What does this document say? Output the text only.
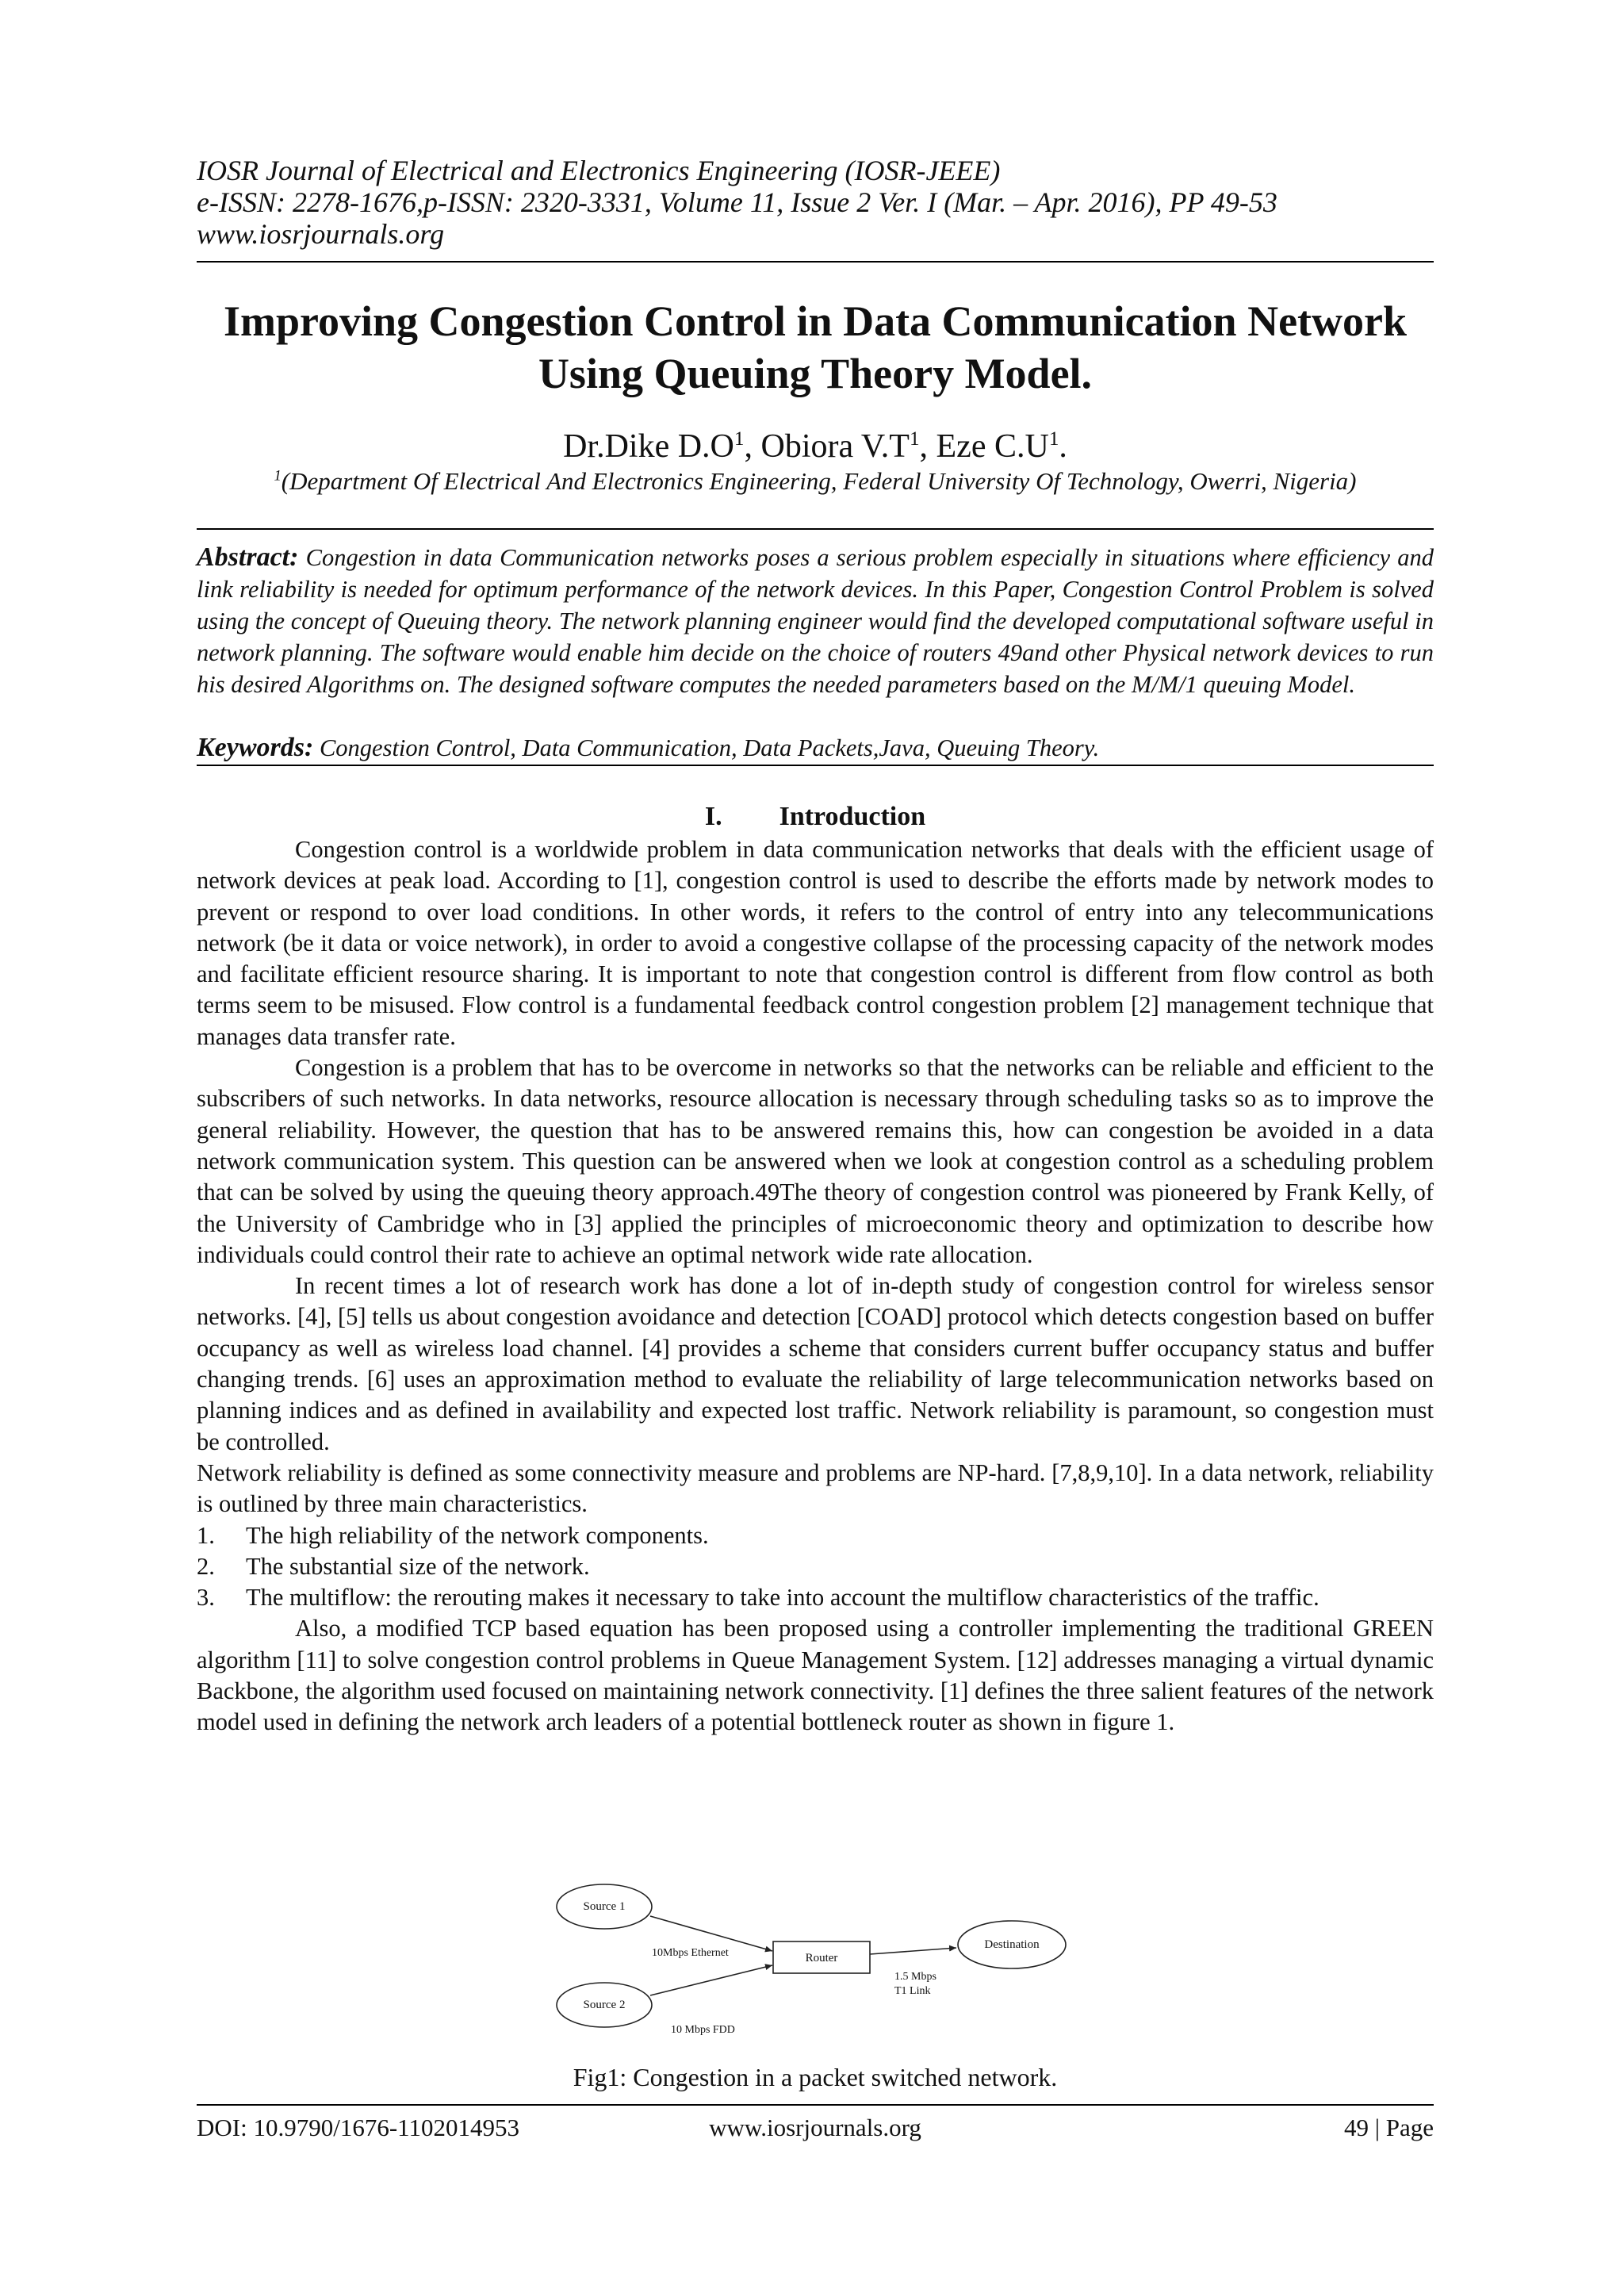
IOSR Journal of Electrical and Electronics Engineering (IOSR-JEEE)
e-ISSN: 2278-1676,p-ISSN: 2320-3331, Volume 11, Issue 2 Ver. I (Mar. – Apr. 2016), PP 49-53
www.iosrjournals.org
Improving Congestion Control in Data Communication Network
Using Queuing Theory Model.
Dr.Dike $D.O^1$, Obiora $V.T^1$, Eze $C.U^1$.
$^1$(Department Of Electrical And Electronics Engineering, Federal University Of Technology, Owerri, Nigeria)
Abstract: Congestion in data Communication networks poses a serious problem especially in situations where efficiency and link reliability is needed for optimum performance of the network devices. In this Paper, Congestion Control Problem is solved using the concept of Queuing theory. The network planning engineer would find the developed computational software useful in network planning. The software would enable him decide on the choice of routers 49and other Physical network devices to run his desired Algorithms on. The designed software computes the needed parameters based on the M/M/1 queuing Model.
Keywords: Congestion Control, Data Communication, Data Packets,Java, Queuing Theory.
I. Introduction

Congestion control is a worldwide problem in data communication networks that deals with the efficient usage of network devices at peak load. According to [1], congestion control is used to describe the efforts made by network modes to prevent or respond to over load conditions. In other words, it refers to the control of entry into any telecommunications network (be it data or voice network), in order to avoid a congestive collapse of the processing capacity of the network modes and facilitate efficient resource sharing. It is important to note that congestion control is different from flow control as both terms seem to be misused. Flow control is a fundamental feedback control congestion problem [2] management technique that manages data transfer rate.

Congestion is a problem that has to be overcome in networks so that the networks can be reliable and efficient to the subscribers of such networks. In data networks, resource allocation is necessary through scheduling tasks so as to improve the general reliability. However, the question that has to be answered remains this, how can congestion be avoided in a data network communication system. This question can be answered when we look at congestion control as a scheduling problem that can be solved by using the queuing theory approach.49The theory of congestion control was pioneered by Frank Kelly, of the University of Cambridge who in [3] applied the principles of microeconomic theory and optimization to describe how individuals could control their rate to achieve an optimal network wide rate allocation.

In recent times a lot of research work has done a lot of in-depth study of congestion control for wireless sensor networks. [4], [5] tells us about congestion avoidance and detection [COAD] protocol which detects congestion based on buffer occupancy as well as wireless load channel. [4] provides a scheme that considers current buffer occupancy status and buffer changing trends. [6] uses an approximation method to evaluate the reliability of large telecommunication networks based on planning indices and as defined in availability and expected lost traffic. Network reliability is paramount, so congestion must be controlled.

Network reliability is defined as some connectivity measure and problems are NP-hard. [7,8,9,10]. In a data network, reliability is outlined by three main characteristics.

1. The high reliability of the network components.
2. The substantial size of the network.
3. The multiflow: the rerouting makes it necessary to take into account the multiflow characteristics of the traffic.

Also, a modified TCP based equation has been proposed using a controller implementing the traditional GREEN algorithm [11] to solve congestion control problems in Queue Management System. [12] addresses managing a virtual dynamic Backbone, the algorithm used focused on maintaining network connectivity. [1] defines the three salient features of the network model used in defining the network arch leaders of a potential bottleneck router as shown in figure 1.

Source 1
Source 2
Router
Destination
10Mbps Ethernet
10 Mbps FDD
1.5 Mbps
T1 Link
Fig1: Congestion in a packet switched network.
DOI: 10.9790/1676-1102014953	www.iosrjournals.org	49 | Page
